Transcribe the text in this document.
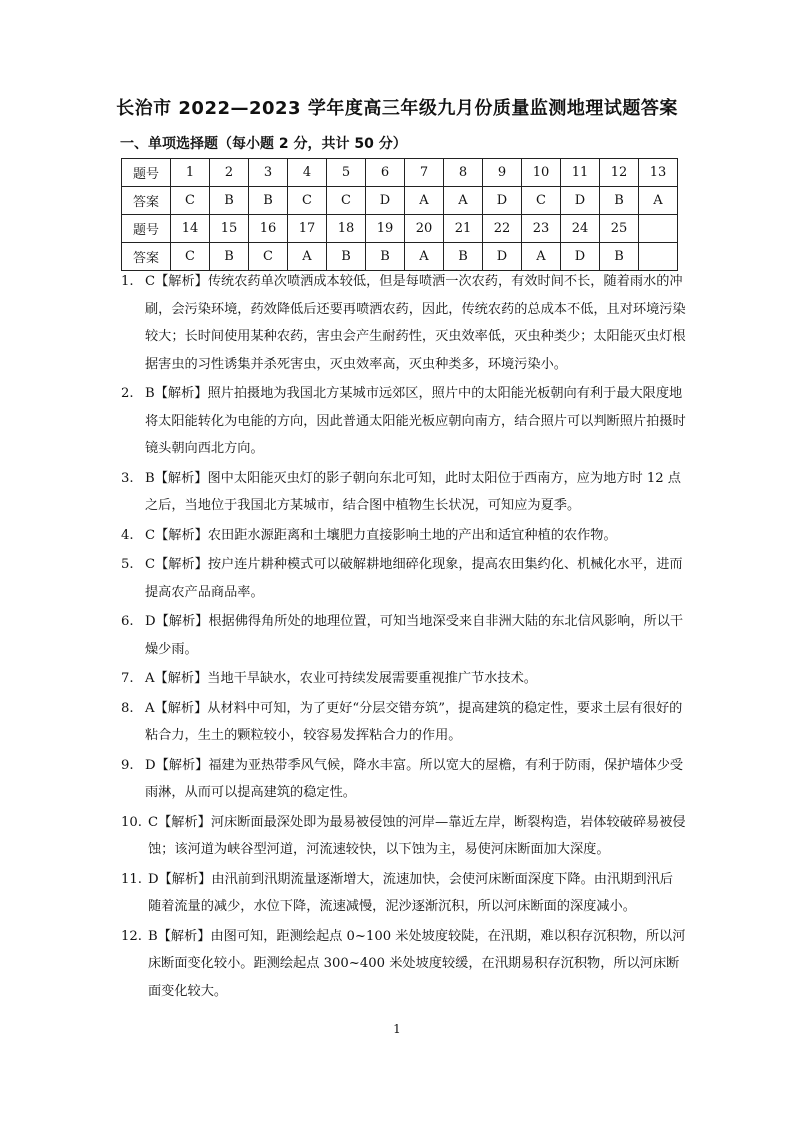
长治市 2022—2023 学年度高三年级九月份质量监测地理试题答案
一、单项选择题（每小题 2 分，共计 50 分）
题号	1	2	3	4	5	6	7	8	9	10	11	12	13
答案	C	B	B	C	C	D	A	A	D	C	D	B	A
题号	14	15	16	17	18	19	20	21	22	23	24	25	
答案	C	B	C	A	B	B	A	B	D	A	D	B	
1. C【解析】传统农药单次喷洒成本较低，但是每喷洒一次农药，有效时间不长，随着雨水的冲刷，会污染环境，药效降低后还要再喷洒农药，因此，传统农药的总成本不低，且对环境污染较大；长时间使用某种农药，害虫会产生耐药性，灭虫效率低，灭虫种类少；太阳能灭虫灯根据害虫的习性诱集并杀死害虫，灭虫效率高，灭虫种类多，环境污染小。
2. B【解析】照片拍摄地为我国北方某城市远郊区，照片中的太阳能光板朝向有利于最大限度地将太阳能转化为电能的方向，因此普通太阳能光板应朝向南方，结合照片可以判断照片拍摄时镜头朝向西北方向。
3. B【解析】图中太阳能灭虫灯的影子朝向东北可知，此时太阳位于西南方，应为地方时 12 点之后，当地位于我国北方某城市，结合图中植物生长状况，可知应为夏季。
4. C【解析】农田距水源距离和土壤肥力直接影响土地的产出和适宜种植的农作物。
5. C【解析】按户连片耕种模式可以破解耕地细碎化现象，提高农田集约化、机械化水平，进而提高农产品商品率。
6. D【解析】根据佛得角所处的地理位置，可知当地深受来自非洲大陆的东北信风影响，所以干燥少雨。
7. A【解析】当地干旱缺水，农业可持续发展需要重视推广节水技术。
8. A【解析】从材料中可知，为了更好“分层交错夯筑”，提高建筑的稳定性，要求土层有很好的粘合力，生土的颗粒较小，较容易发挥粘合力的作用。
9. D【解析】福建为亚热带季风气候，降水丰富。所以宽大的屋檐，有利于防雨，保护墙体少受雨淋，从而可以提高建筑的稳定性。
10. C【解析】河床断面最深处即为最易被侵蚀的河岸—靠近左岸，断裂构造，岩体较破碎易被侵蚀；该河道为峡谷型河道，河流速较快，以下蚀为主，易使河床断面加大深度。
11. D【解析】由汛前到汛期流量逐渐增大，流速加快，会使河床断面深度下降。由汛期到汛后随着流量的减少，水位下降，流速减慢，泥沙逐渐沉积，所以河床断面的深度减小。
12. B【解析】由图可知，距测绘起点 0~100 米处坡度较陡，在汛期，难以积存沉积物，所以河床断面变化较小。距测绘起点 300~400 米处坡度较缓，在汛期易积存沉积物，所以河床断面变化较大。
1
